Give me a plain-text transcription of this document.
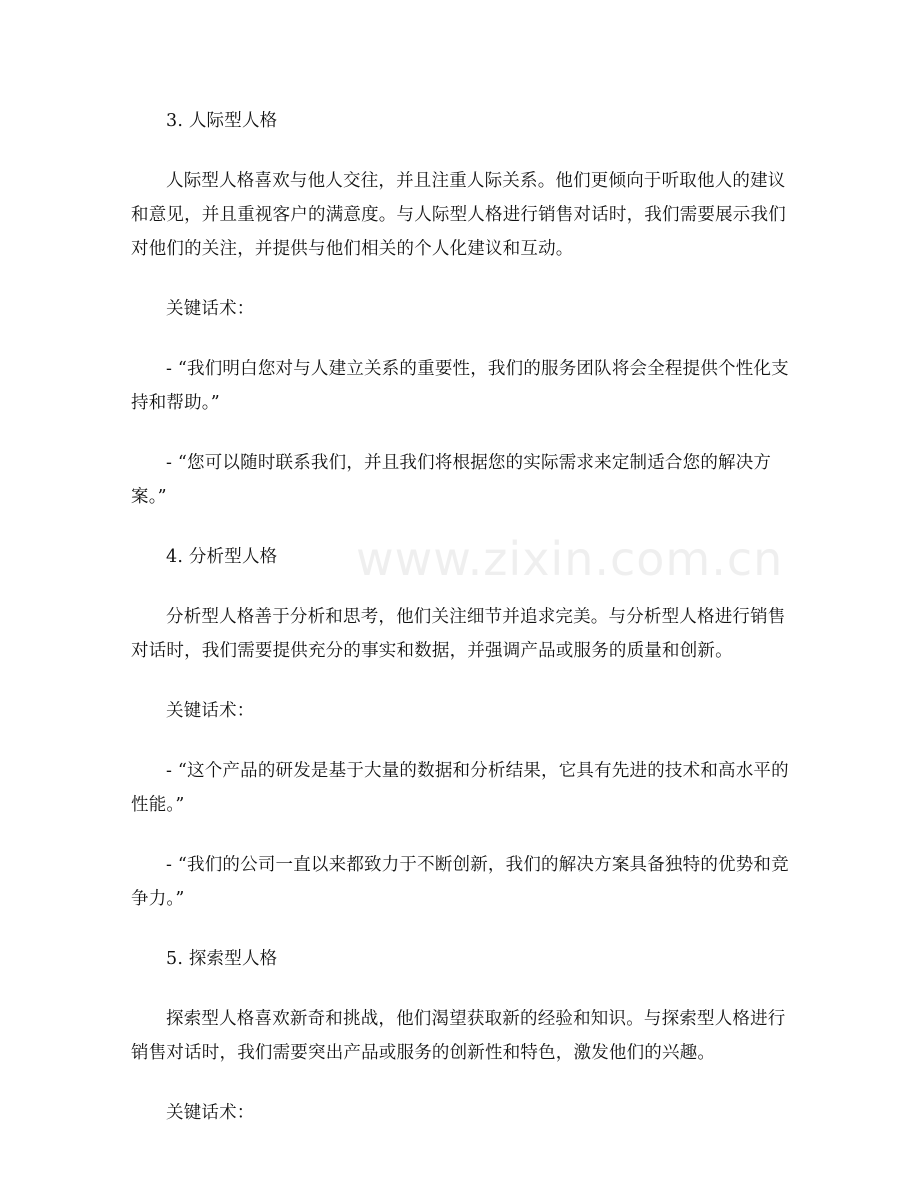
www.zixin.com.cn

3. 人际型人格

人际型人格喜欢与他人交往，并且注重人际关系。他们更倾向于听取他人的建议和意见，并且重视客户的满意度。与人际型人格进行销售对话时，我们需要展示我们对他们的关注，并提供与他们相关的个人化建议和互动。

关键话术：

- “我们明白您对与人建立关系的重要性，我们的服务团队将会全程提供个性化支持和帮助。”

- “您可以随时联系我们，并且我们将根据您的实际需求来定制适合您的解决方案。”

4. 分析型人格

分析型人格善于分析和思考，他们关注细节并追求完美。与分析型人格进行销售对话时，我们需要提供充分的事实和数据，并强调产品或服务的质量和创新。

关键话术：

- “这个产品的研发是基于大量的数据和分析结果，它具有先进的技术和高水平的性能。”

- “我们的公司一直以来都致力于不断创新，我们的解决方案具备独特的优势和竞争力。”

5. 探索型人格

探索型人格喜欢新奇和挑战，他们渴望获取新的经验和知识。与探索型人格进行销售对话时，我们需要突出产品或服务的创新性和特色，激发他们的兴趣。

关键话术：
